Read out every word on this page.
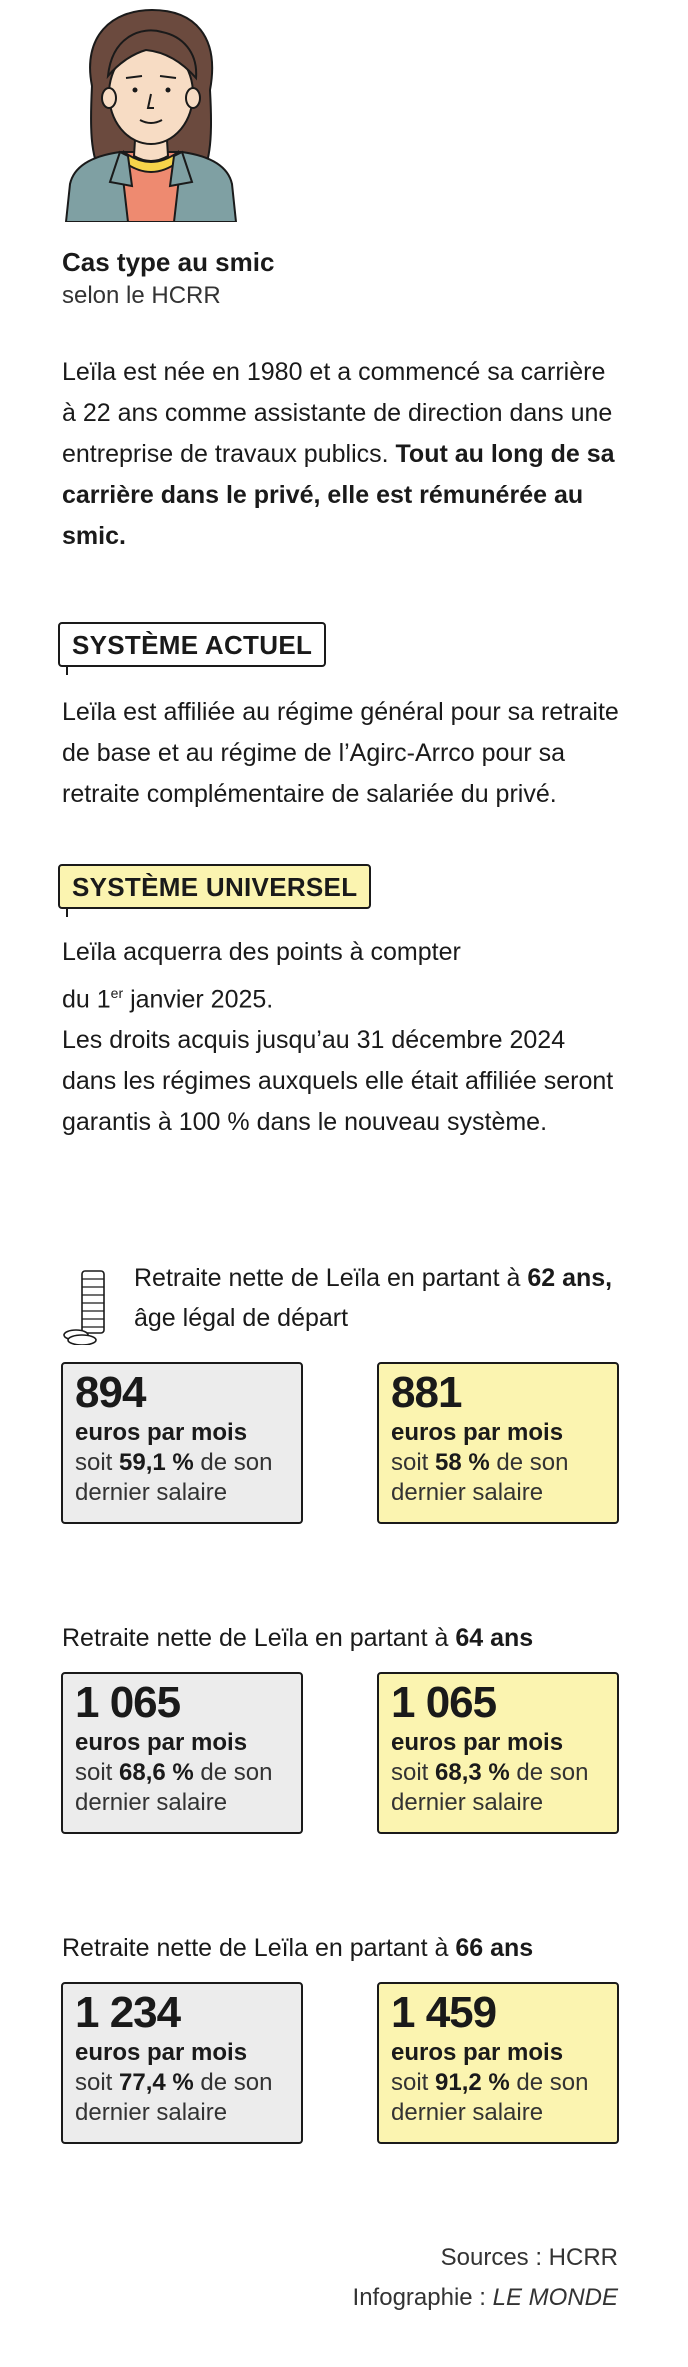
Cas type au smic
selon le HCRR
Leïla est née en 1980 et a commencé sa carrière
à 22 ans comme assistante de direction dans une
entreprise de travaux publics. Tout au long de sa
carrière dans le privé, elle est rémunérée au smic.
SYSTÈME ACTUEL
Leïla est affiliée au régime général pour sa retraite
de base et au régime de l’Agirc-Arrco pour sa
retraite complémentaire de salariée du privé.
SYSTÈME UNIVERSEL
Leïla acquerra des points à compter
du 1er janvier 2025.
Les droits acquis jusqu’au 31 décembre 2024
dans les régimes auxquels elle était affiliée seront
garantis à 100 % dans le nouveau système.
Retraite nette de Leïla en partant à 62 ans,
âge légal de départ
894
euros par mois
soit 59,1 % de son
dernier salaire
881
euros par mois
soit 58 % de son
dernier salaire
Retraite nette de Leïla en partant à 64 ans
1 065
euros par mois
soit 68,6 % de son
dernier salaire
1 065
euros par mois
soit 68,3 % de son
dernier salaire
Retraite nette de Leïla en partant à 66 ans
1 234
euros par mois
soit 77,4 % de son
dernier salaire
1 459
euros par mois
soit 91,2 % de son
dernier salaire
Sources : HCRR
Infographie : LE MONDE
